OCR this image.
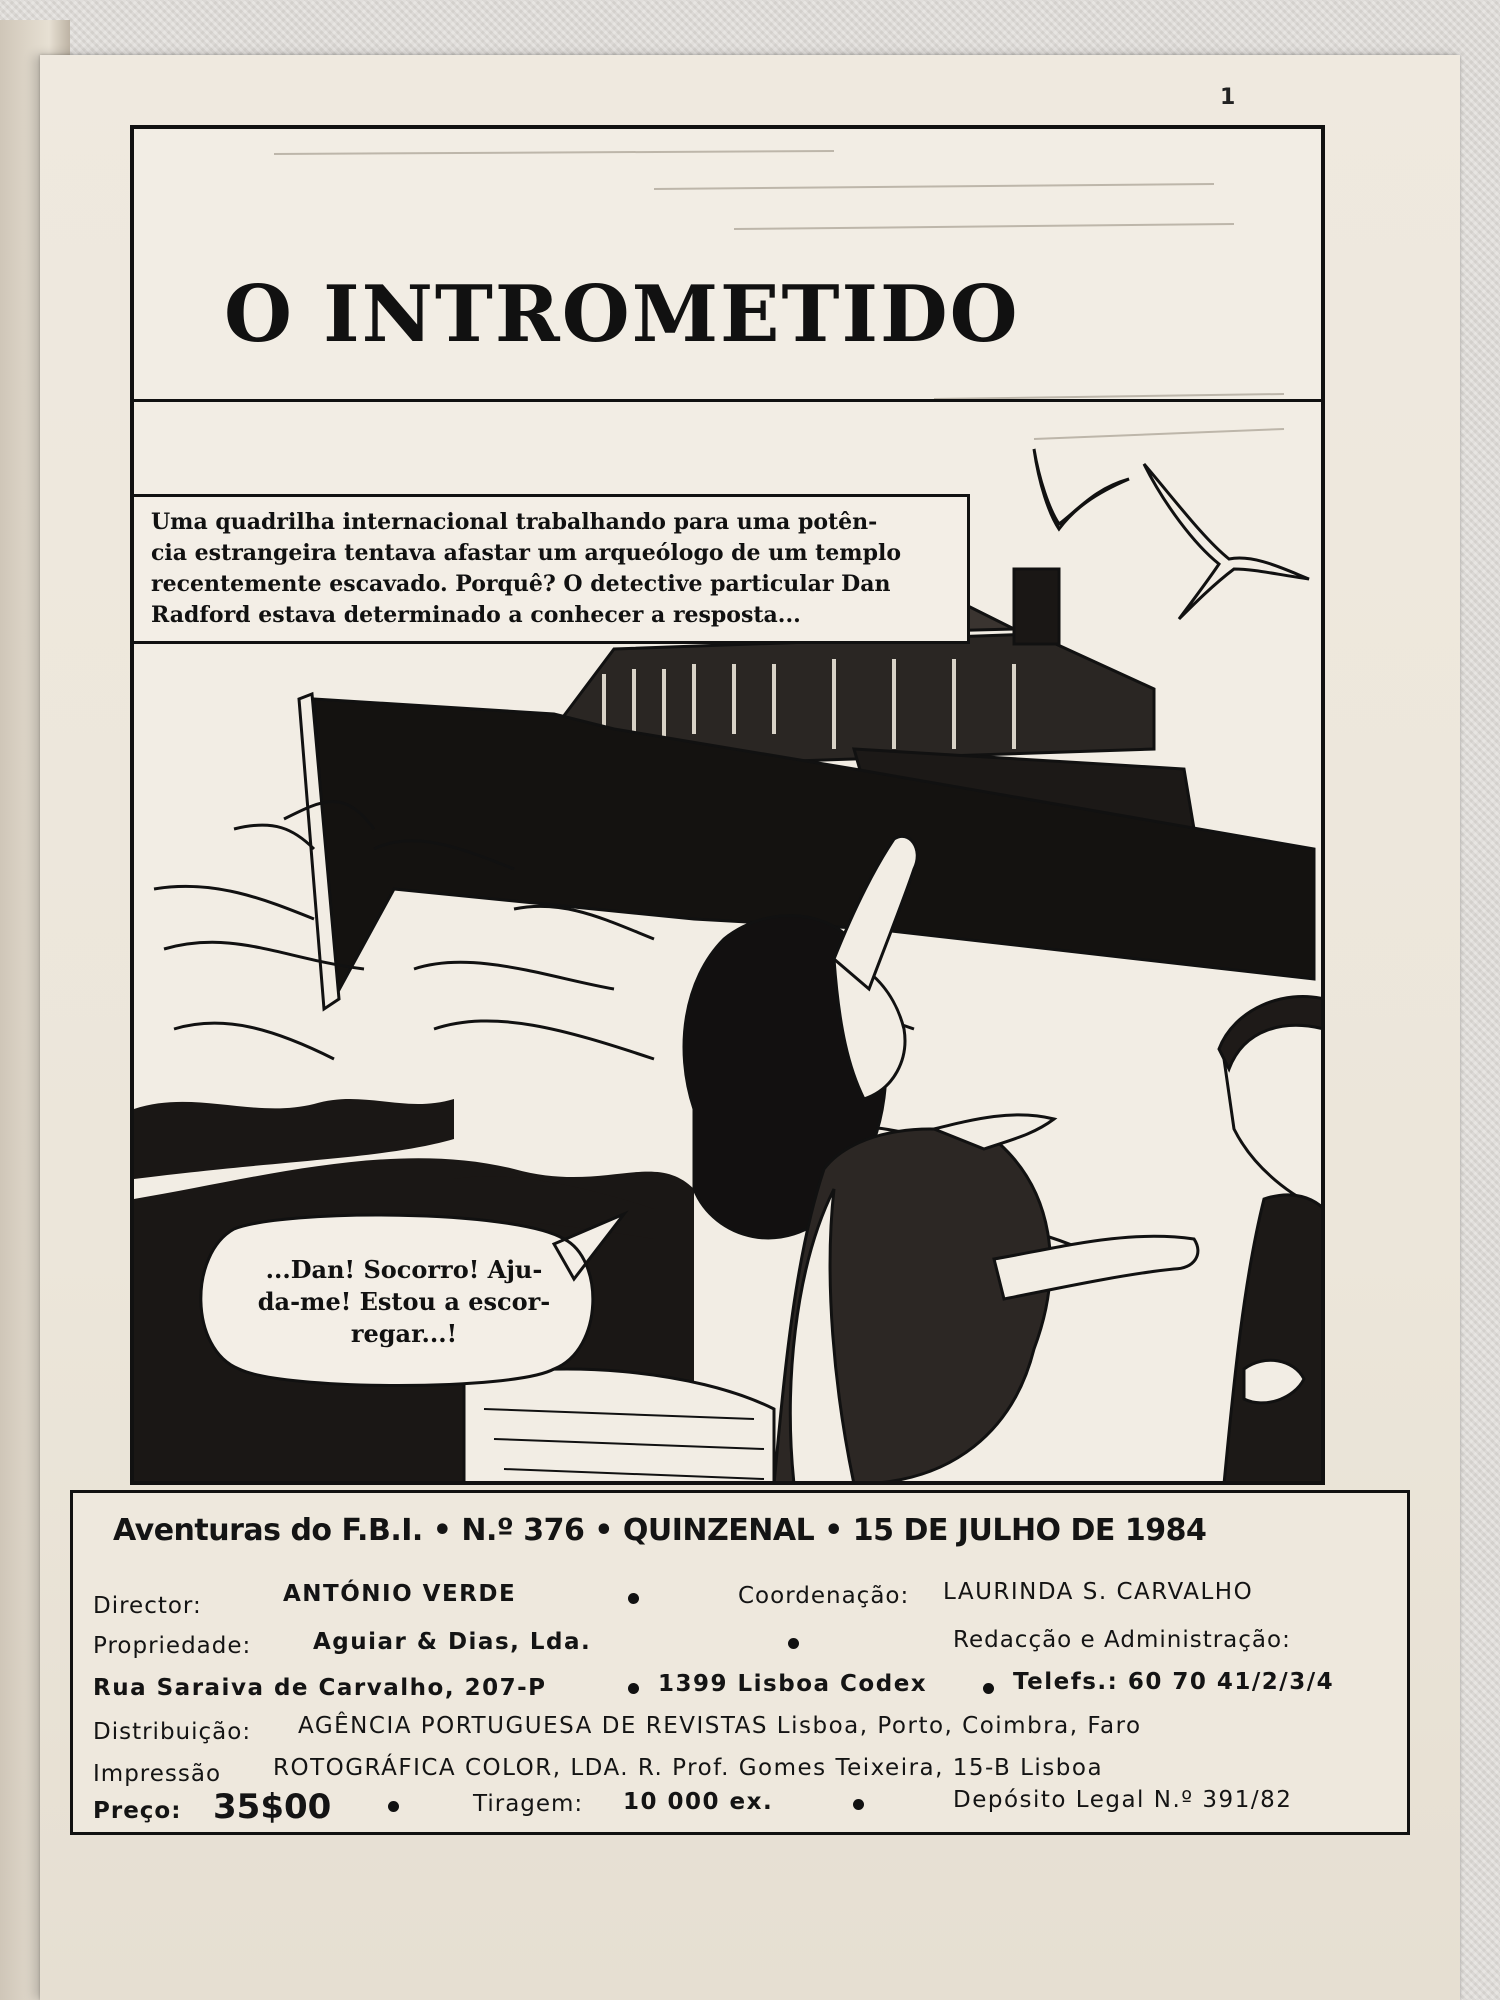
1
O INTROMETIDO

Uma quadrilha internacional trabalhando para uma potên-

cia estrangeira tentava afastar um arqueólogo de um templo

recentemente escavado. Porquê? O detective particular Dan

Radford estava determinado a conhecer a resposta...

...Dan! Socorro! Aju-
da-me! Estou a escor-
regar...!
Aventuras do F.B.I. • N.º 376 • QUINZENAL • 15 DE JULHO DE 1984
Director:	ANTÓNIO VERDE	Coordenação: LAURINDA S. CARVALHO
Propriedade:	Aguiar & Dias, Lda.	Redacção e Administração:
Rua Saraiva de Carvalho, 207-P	1399 Lisboa Codex	Telefs.: 60 70 41/2/3/4
Distribuição: AGÊNCIA PORTUGUESA DE REVISTAS Lisboa, Porto, Coimbra, Faro
Impressão ROTOGRÁFICA COLOR, LDA. R. Prof. Gomes Teixeira, 15-B Lisboa
Preço: 35$00	Tiragem: 10 000 ex.	Depósito Legal N.º 391/82
